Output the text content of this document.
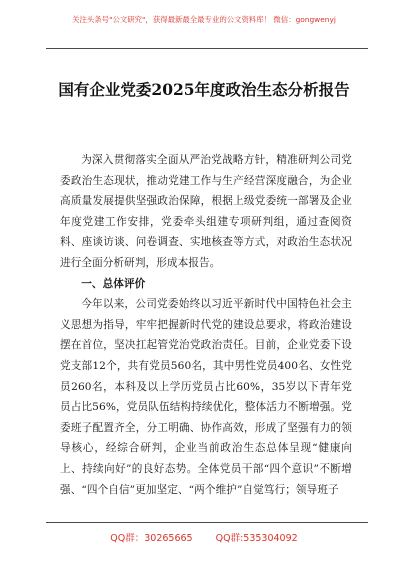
关注头条号"公文研究"，获得最新最全最专业的公文资料库！ 微信：gongwenyj
国有企业党委2025年度政治生态分析报告

为深入贯彻落实全面从严治党战略方针，精准研判公司党委政治生态现状，推动党建工作与生产经营深度融合，为企业高质量发展提供坚强政治保障，根据上级党委统一部署及企业年度党建工作安排，党委牵头组建专项研判组，通过查阅资料、座谈访谈、问卷调查、实地核查等方式，对政治生态状况进行全面分析研判，形成本报告。

一、总体评价

今年以来，公司党委始终以习近平新时代中国特色社会主义思想为指导，牢牢把握新时代党的建设总要求，将政治建设摆在首位，坚决扛起管党治党政治责任。目前，企业党委下设党支部12个，共有党员560名，其中男性党员400名、女性党员260名，本科及以上学历党员占比60%，35岁以下青年党员占比56%，党员队伍结构持续优化，整体活力不断增强。党委班子配置齐全，分工明确、协作高效，形成了坚强有力的领导核心，经综合研判，企业当前政治生态总体呈现“健康向上、持续向好”的良好态势。全体党员干部“四个意识”不断增强、“四个自信”更加坚定、“两个维护”自觉笃行；领导班子

QQ群：30265665 QQ群:535304092
